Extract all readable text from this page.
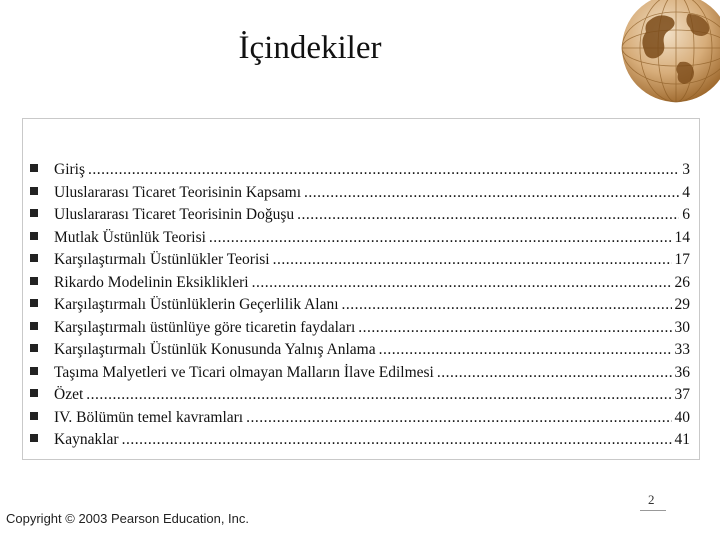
İçindekiler
Giriş .....	3
Uluslararası Ticaret Teorisinin Kapsamı .....	4
Uluslararası Ticaret Teorisinin Doğuşu .....	6
Mutlak Üstünlük Teorisi .....	14
Karşılaştırmalı Üstünlükler Teorisi .....	17
Rikardo Modelinin Eksiklikleri .....	26
Karşılaştırmalı Üstünlüklerin Geçerlilik Alanı .....	29
Karşılaştırmalı üstünlüye göre ticaretin faydaları .....	30
Karşılaştırmalı Üstünlük Konusunda Yalnış Anlama .....	33
Taşıma Malyetleri ve Ticari olmayan Malların İlave Edilmesi .....	36
Özet .....	37
IV. Bölümün temel kavramları .....	40
Kaynaklar .....	41
2
Copyright © 2003 Pearson Education, Inc.
